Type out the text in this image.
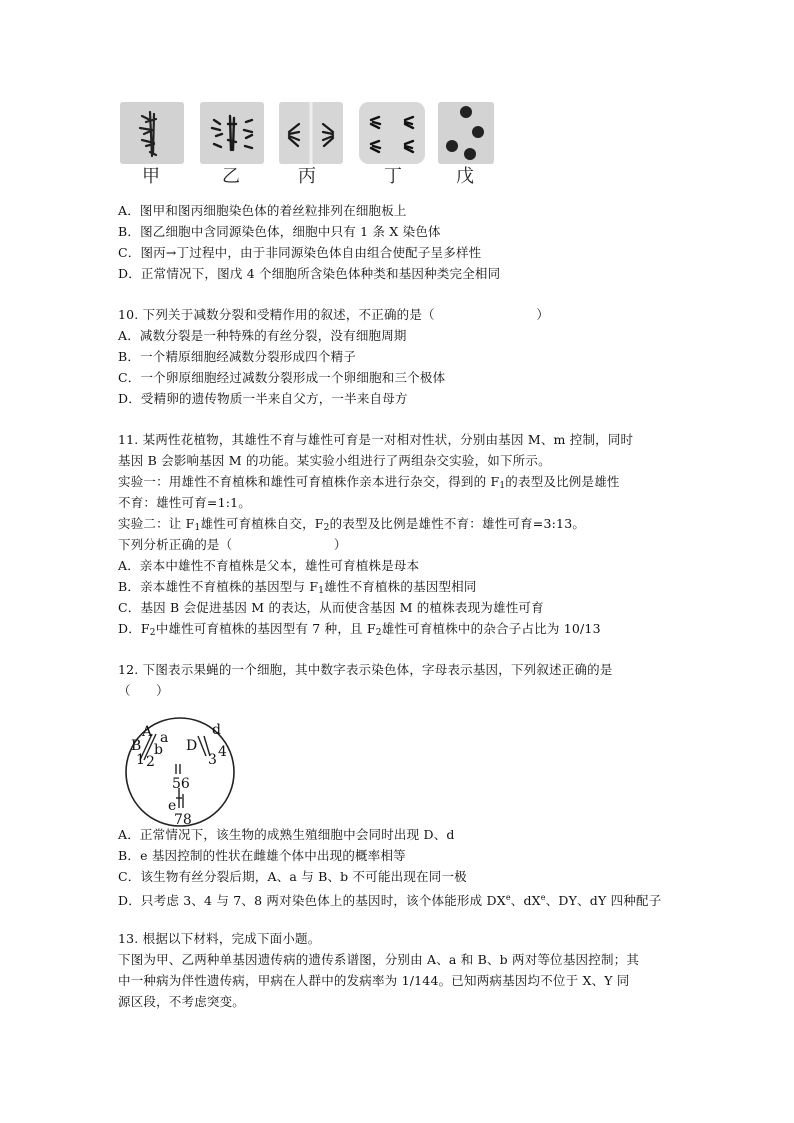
甲	乙	丙	丁	戊
A．图甲和图丙细胞染色体的着丝粒排列在细胞板上
B．图乙细胞中含同源染色体，细胞中只有 1 条 X 染色体
C．图丙→丁过程中，由于非同源染色体自由组合使配子呈多样性
D．正常情况下，图戊 4 个细胞所含染色体种类和基因种类完全相同
10. 下列关于减数分裂和受精作用的叙述，不正确的是（　　　　　　　　）
A．减数分裂是一种特殊的有丝分裂，没有细胞周期
B．一个精原细胞经减数分裂形成四个精子
C．一个卵原细胞经过减数分裂形成一个卵细胞和三个极体
D．受精卵的遗传物质一半来自父方，一半来自母方
11. 某两性花植物，其雄性不育与雄性可育是一对相对性状，分别由基因 M、m 控制，同时
基因 B 会影响基因 M 的功能。某实验小组进行了两组杂交实验，如下所示。
实验一：用雄性不育植株和雄性可育植株作亲本进行杂交，得到的 $F_1$的表型及比例是雄性
不育：雄性可育=1:1。
实验二：让 $F_1$雄性可育植株自交，$F_2$的表型及比例是雄性不育：雄性可育=3:13。
下列分析正确的是（　　　　　　　　）
A．亲本中雄性不育植株是父本，雄性可育植株是母本
B．亲本雄性不育植株的基因型与 $F_1$雄性不育植株的基因型相同
C．基因 B 会促进基因 M 的表达，从而使含基因 M 的植株表现为雄性可育
D．$F_2$中雄性可育植株的基因型有 7 种，且 $F_2$雄性可育植株中的杂合子占比为 10/13
12. 下图表示果蝇的一个细胞，其中数字表示染色体，字母表示基因，下列叙述正确的是
（　　）
A a
B b D
d
e
1 2	3 4
56
78
A．正常情况下，该生物的成熟生殖细胞中会同时出现 D、d
B．e 基因控制的性状在雌雄个体中出现的概率相等
C．该生物有丝分裂后期，A、a 与 B、b 不可能出现在同一极
D．只考虑 3、4 与 7、8 两对染色体上的基因时，该个体能形成 DXe、$dX^e$、DY、dY 四种配子
13. 根据以下材料，完成下面小题。
下图为甲、乙两种单基因遗传病的遗传系谱图，分别由 A、a 和 B、b 两对等位基因控制；其
中一种病为伴性遗传病，甲病在人群中的发病率为 1/144。已知两病基因均不位于 X、Y 同
源区段，不考虑突变。
